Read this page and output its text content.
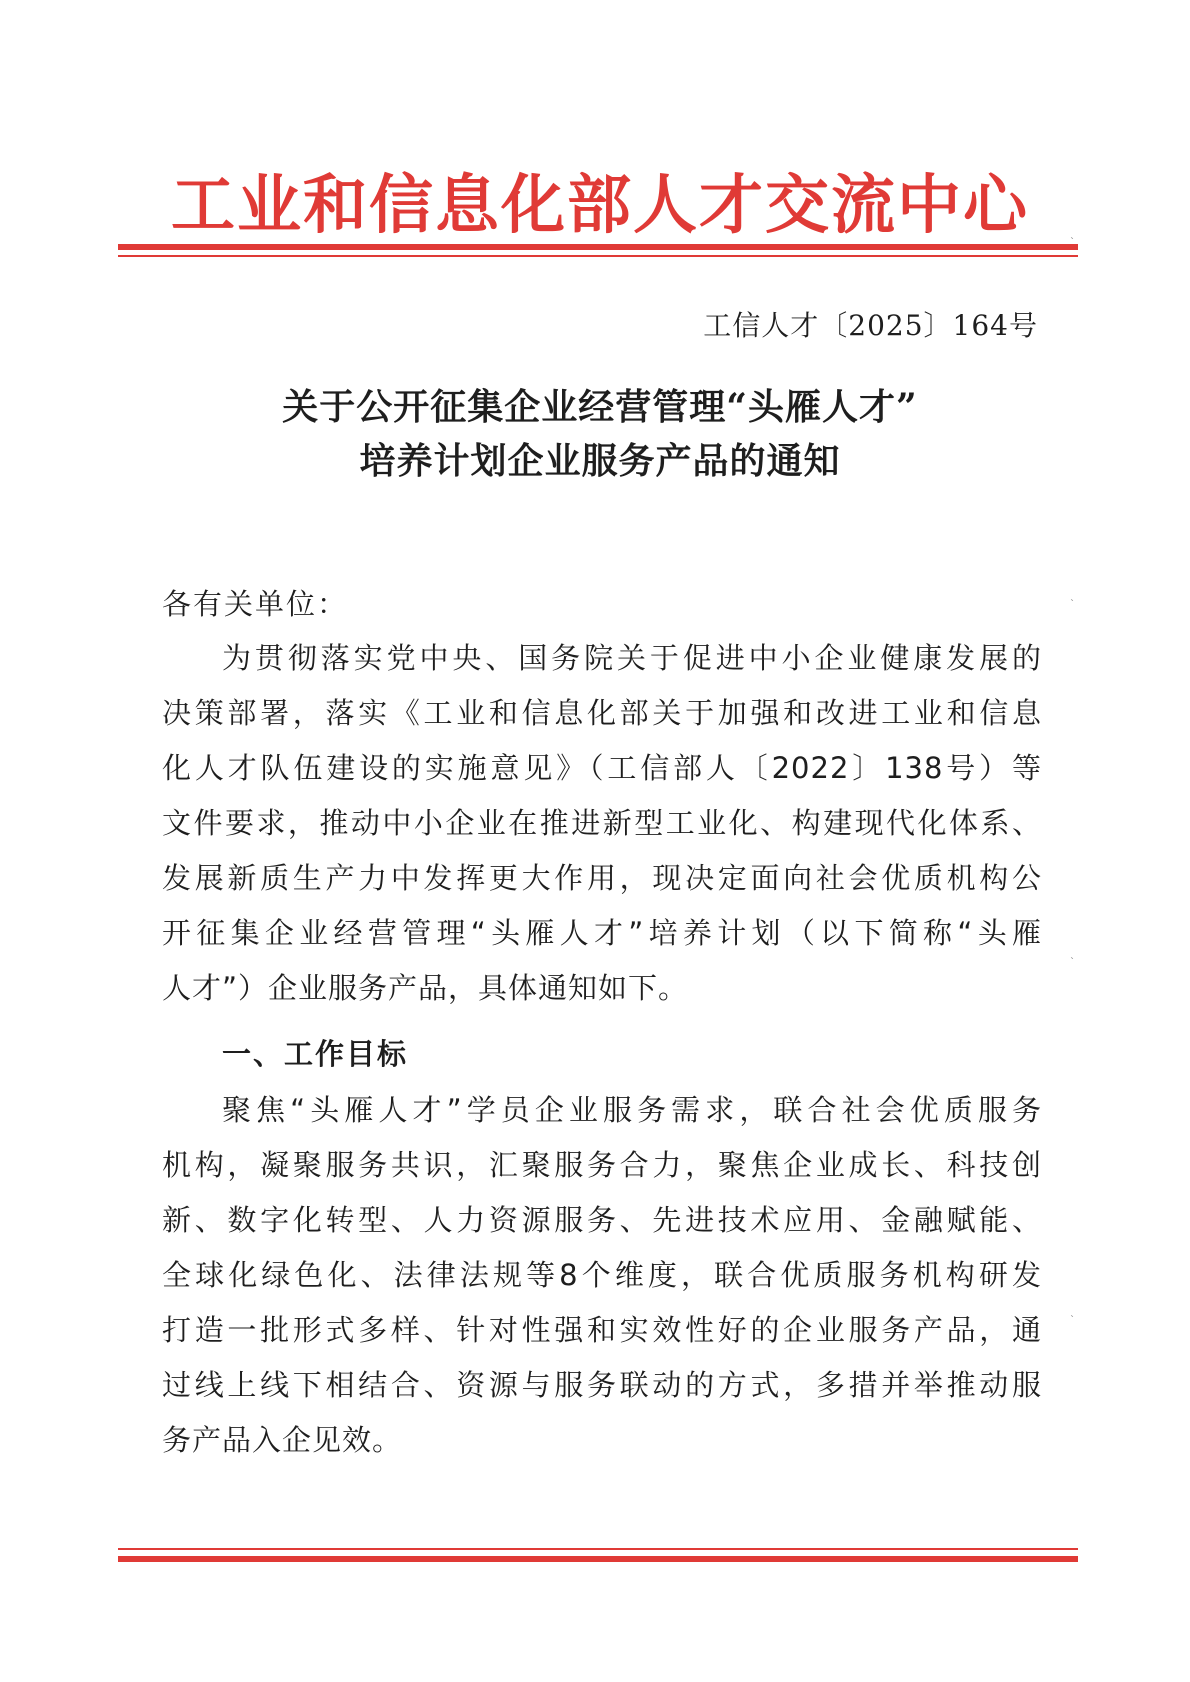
工业和信息化部人才交流中心
工信人才〔2025〕164号
关于公开征集企业经营管理“头雁人才”
培养计划企业服务产品的通知
各有关单位：
为贯彻落实党中央、国务院关于促进中小企业健康发展的
决策部署，落实《工业和信息化部关于加强和改进工业和信息
化人才队伍建设的实施意见》（工信部人〔2022〕138号）等
文件要求，推动中小企业在推进新型工业化、构建现代化体系、
发展新质生产力中发挥更大作用，现决定面向社会优质机构公
开征集企业经营管理“头雁人才”培养计划（以下简称“头雁
人才”）企业服务产品，具体通知如下。
一、工作目标
聚焦“头雁人才”学员企业服务需求，联合社会优质服务
机构，凝聚服务共识，汇聚服务合力，聚焦企业成长、科技创
新、数字化转型、人力资源服务、先进技术应用、金融赋能、
全球化绿色化、法律法规等8个维度，联合优质服务机构研发
打造一批形式多样、针对性强和实效性好的企业服务产品，通
过线上线下相结合、资源与服务联动的方式，多措并举推动服
务产品入企见效。
`
`
`
`
